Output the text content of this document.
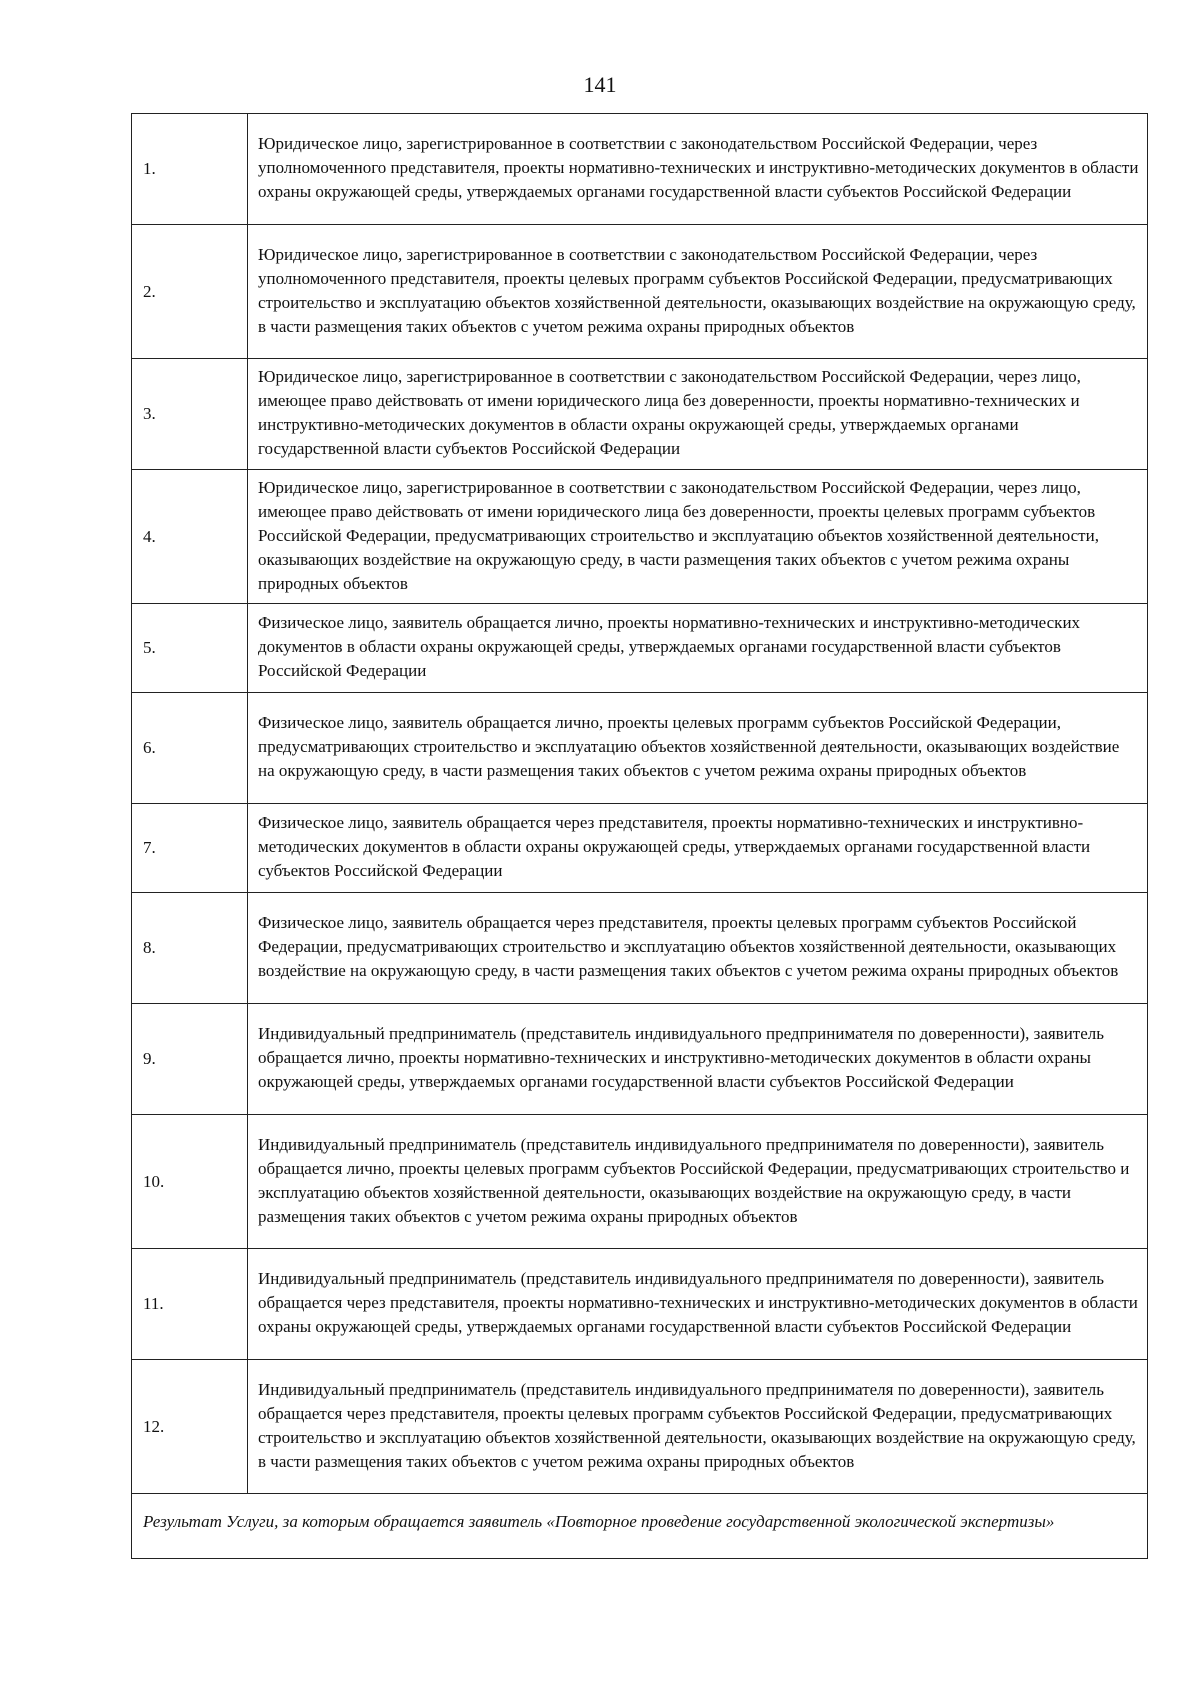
141
1.	Юридическое лицо, зарегистрированное в соответствии с законодательством Российской Федерации, через уполномоченного представителя, проекты нормативно-технических и инструктивно-методических документов в области охраны окружающей среды, утверждаемых органами государственной власти субъектов Российской Федерации
2.	Юридическое лицо, зарегистрированное в соответствии с законодательством Российской Федерации, через уполномоченного представителя, проекты целевых программ субъектов Российской Федерации, предусматривающих строительство и эксплуатацию объектов хозяйственной деятельности, оказывающих воздействие на окружающую среду, в части размещения таких объектов с учетом режима охраны природных объектов
3.	Юридическое лицо, зарегистрированное в соответствии с законодательством Российской Федерации, через лицо, имеющее право действовать от имени юридического лица без доверенности, проекты нормативно-технических и инструктивно-методических документов в области охраны окружающей среды, утверждаемых органами государственной власти субъектов Российской Федерации
4.	Юридическое лицо, зарегистрированное в соответствии с законодательством Российской Федерации, через лицо, имеющее право действовать от имени юридического лица без доверенности, проекты целевых программ субъектов Российской Федерации, предусматривающих строительство и эксплуатацию объектов хозяйственной деятельности, оказывающих воздействие на окружающую среду, в части размещения таких объектов с учетом режима охраны природных объектов
5.	Физическое лицо, заявитель обращается лично, проекты нормативно-технических и инструктивно-методических документов в области охраны окружающей среды, утверждаемых органами государственной власти субъектов Российской Федерации
6.	Физическое лицо, заявитель обращается лично, проекты целевых программ субъектов Российской Федерации, предусматривающих строительство и эксплуатацию объектов хозяйственной деятельности, оказывающих воздействие на окружающую среду, в части размещения таких объектов с учетом режима охраны природных объектов
7.	Физическое лицо, заявитель обращается через представителя, проекты нормативно-технических и инструктивно-методических документов в области охраны окружающей среды, утверждаемых органами государственной власти субъектов Российской Федерации
8.	Физическое лицо, заявитель обращается через представителя, проекты целевых программ субъектов Российской Федерации, предусматривающих строительство и эксплуатацию объектов хозяйственной деятельности, оказывающих воздействие на окружающую среду, в части размещения таких объектов с учетом режима охраны природных объектов
9.	Индивидуальный предприниматель (представитель индивидуального предпринимателя по доверенности), заявитель обращается лично, проекты нормативно-технических и инструктивно-методических документов в области охраны окружающей среды, утверждаемых органами государственной власти субъектов Российской Федерации
10.	Индивидуальный предприниматель (представитель индивидуального предпринимателя по доверенности), заявитель обращается лично, проекты целевых программ субъектов Российской Федерации, предусматривающих строительство и эксплуатацию объектов хозяйственной деятельности, оказывающих воздействие на окружающую среду, в части размещения таких объектов с учетом режима охраны природных объектов
11.	Индивидуальный предприниматель (представитель индивидуального предпринимателя по доверенности), заявитель обращается через представителя, проекты нормативно-технических и инструктивно-методических документов в области охраны окружающей среды, утверждаемых органами государственной власти субъектов Российской Федерации
12.	Индивидуальный предприниматель (представитель индивидуального предпринимателя по доверенности), заявитель обращается через представителя, проекты целевых программ субъектов Российской Федерации, предусматривающих строительство и эксплуатацию объектов хозяйственной деятельности, оказывающих воздействие на окружающую среду, в части размещения таких объектов с учетом режима охраны природных объектов
Результат Услуги, за которым обращается заявитель «Повторное проведение государственной экологической экспертизы»	
